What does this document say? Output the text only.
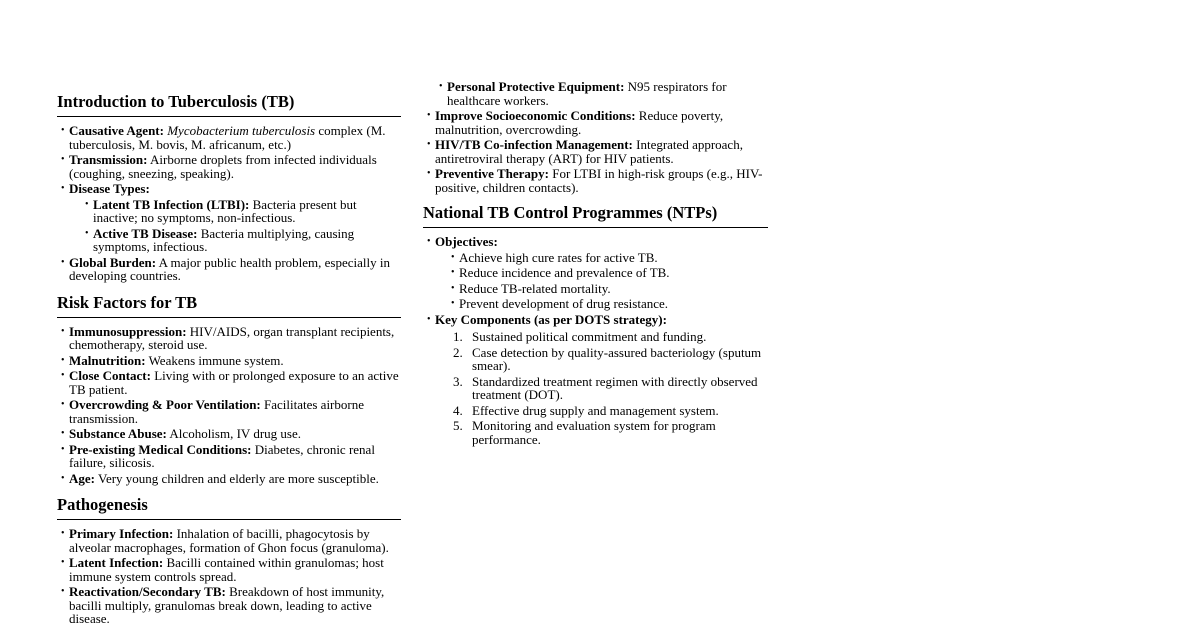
Introduction to Tuberculosis (TB)
• Causative Agent: Mycobacterium tuberculosis complex (M. tuberculosis, M. bovis, M. africanum, etc.)
• Transmission: Airborne droplets from infected individuals (coughing, sneezing, speaking).
• Disease Types:
• Latent TB Infection (LTBI): Bacteria present but inactive; no symptoms, non-infectious.
• Active TB Disease: Bacteria multiplying, causing symptoms, infectious.
• Global Burden: A major public health problem, especially in developing countries.
Risk Factors for TB
• Immunosuppression: HIV/AIDS, organ transplant recipients, chemotherapy, steroid use.
• Malnutrition: Weakens immune system.
• Close Contact: Living with or prolonged exposure to an active TB patient.
• Overcrowding & Poor Ventilation: Facilitates airborne transmission.
• Substance Abuse: Alcoholism, IV drug use.
• Pre-existing Medical Conditions: Diabetes, chronic renal failure, silicosis.
• Age: Very young children and elderly are more susceptible.
Pathogenesis
• Primary Infection: Inhalation of bacilli, phagocytosis by alveolar macrophages, formation of Ghon focus (granuloma).
• Latent Infection: Bacilli contained within granulomas; host immune system controls spread.
• Reactivation/Secondary TB: Breakdown of host immunity, bacilli multiply, granulomas break down, leading to active disease.
• Personal Protective Equipment: N95 respirators for healthcare workers.
• Improve Socioeconomic Conditions: Reduce poverty, malnutrition, overcrowding.
• HIV/TB Co-infection Management: Integrated approach, antiretroviral therapy (ART) for HIV patients.
• Preventive Therapy: For LTBI in high-risk groups (e.g., HIV-positive, children contacts).
National TB Control Programmes (NTPs)
• Objectives:
• Achieve high cure rates for active TB.
• Reduce incidence and prevalence of TB.
• Reduce TB-related mortality.
• Prevent development of drug resistance.
• Key Components (as per DOTS strategy):
1. Sustained political commitment and funding.
2. Case detection by quality-assured bacteriology (sputum smear).
3. Standardized treatment regimen with directly observed treatment (DOT).
4. Effective drug supply and management system.
5. Monitoring and evaluation system for program performance.
